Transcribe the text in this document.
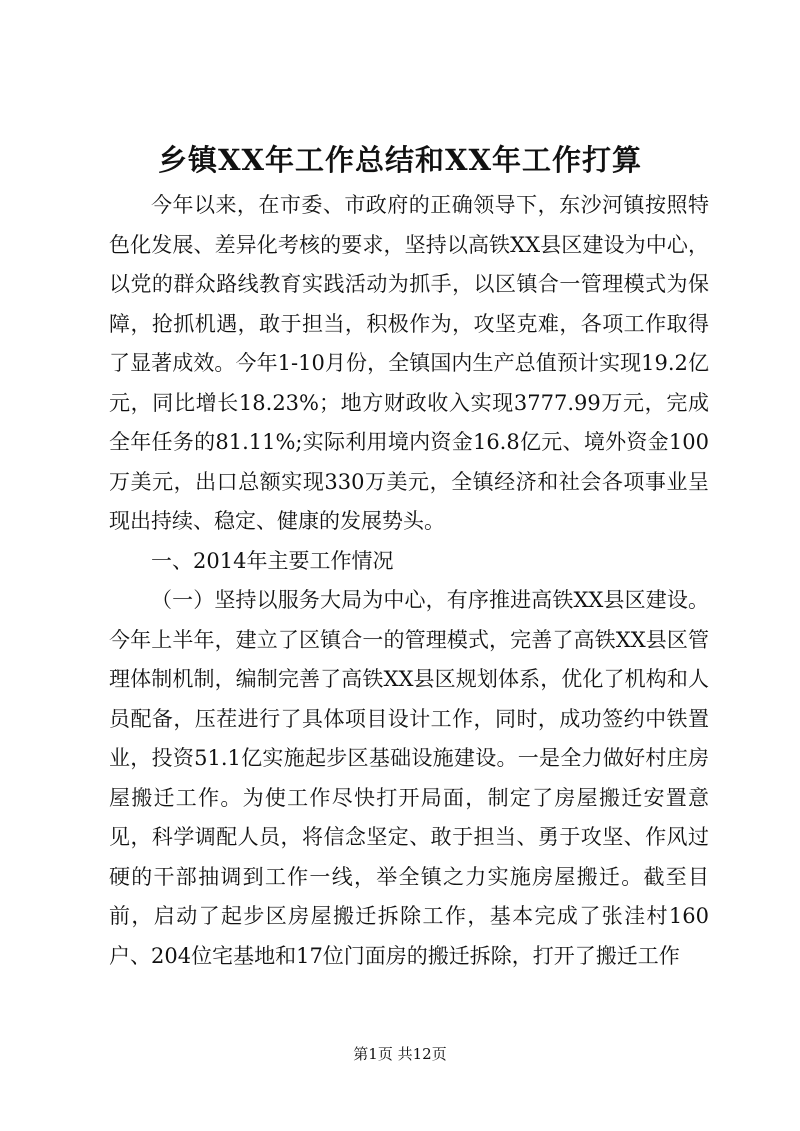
乡镇XX年工作总结和XX年工作打算

今年以来，在市委、市政府的正确领导下，东沙河镇按照特色化发展、差异化考核的要求，坚持以高铁XX县区建设为中心，以党的群众路线教育实践活动为抓手，以区镇合一管理模式为保障，抢抓机遇，敢于担当，积极作为，攻坚克难，各项工作取得了显著成效。今年1-10月份，全镇国内生产总值预计实现19.2亿元，同比增长18.23%；地方财政收入实现3777.99万元，完成全年任务的81.11%;实际利用境内资金16.8亿元、境外资金100万美元，出口总额实现330万美元，全镇经济和社会各项事业呈现出持续、稳定、健康的发展势头。

一、2014年主要工作情况

（一）坚持以服务大局为中心，有序推进高铁XX县区建设。今年上半年，建立了区镇合一的管理模式，完善了高铁XX县区管理体制机制，编制完善了高铁XX县区规划体系，优化了机构和人员配备，压茬进行了具体项目设计工作，同时，成功签约中铁置业，投资51.1亿实施起步区基础设施建设。一是全力做好村庄房屋搬迁工作。为使工作尽快打开局面，制定了房屋搬迁安置意见，科学调配人员，将信念坚定、敢于担当、勇于攻坚、作风过硬的干部抽调到工作一线，举全镇之力实施房屋搬迁。截至目前，启动了起步区房屋搬迁拆除工作，基本完成了张洼村160户、204位宅基地和17位门面房的搬迁拆除，打开了搬迁工作

第1页 共12页
